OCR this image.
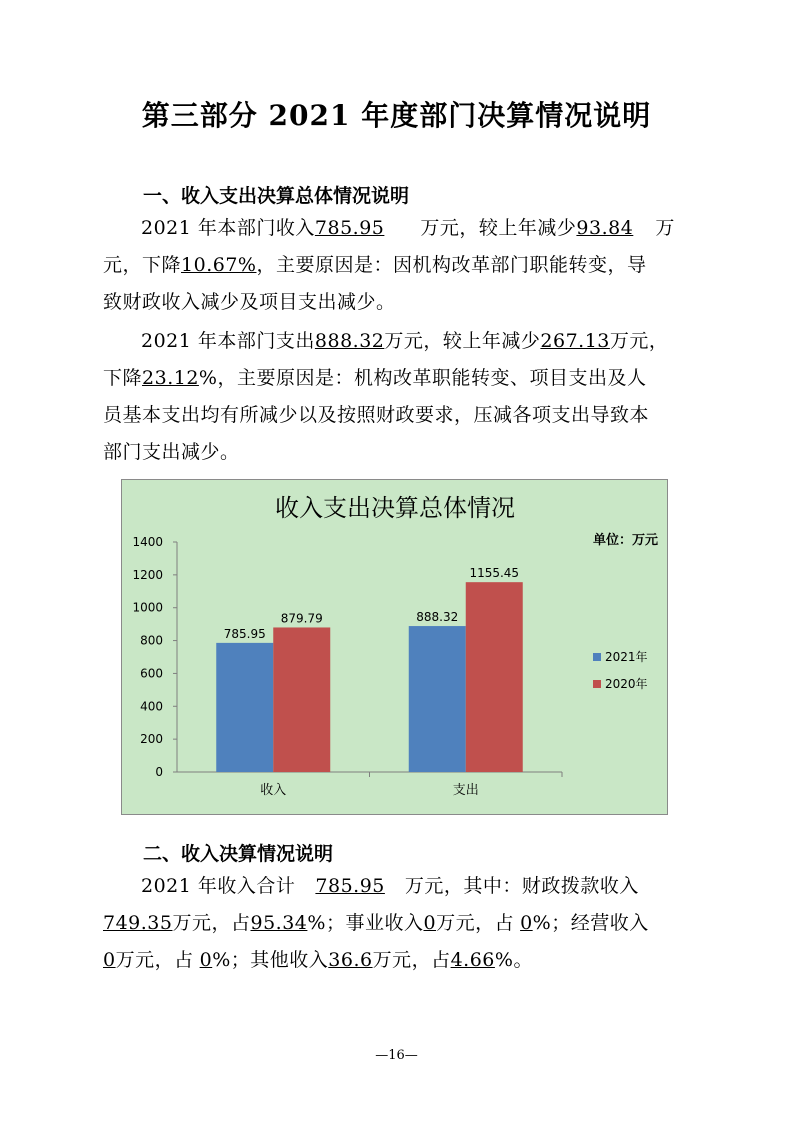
第三部分 2021 年度部门决算情况说明
一、收入支出决算总体情况说明
2021 年本部门收入785.95 万元，较上年减少93.84 万
元，下降10.67%，主要原因是：因机构改革部门职能转变，导
致财政收入减少及项目支出减少。
2021 年本部门支出888.32万元，较上年减少267.13万元，
下降23.12%，主要原因是：机构改革职能转变、项目支出及人
员基本支出均有所减少以及按照财政要求，压减各项支出导致本
部门支出减少。
收入支出决算总体情况
单位：万元
0
200
400
600
800
1000
1200
1400
收入
785.95
879.79
支出
888.32
1155.45
2021年
2020年
二、收入决算情况说明
2021 年收入合计 785.95 万元，其中：财政拨款收入
749.35万元，占95.34%；事业收入0万元，占 0%；经营收入
0万元，占 0%；其他收入36.6万元，占4.66%。
—16—
